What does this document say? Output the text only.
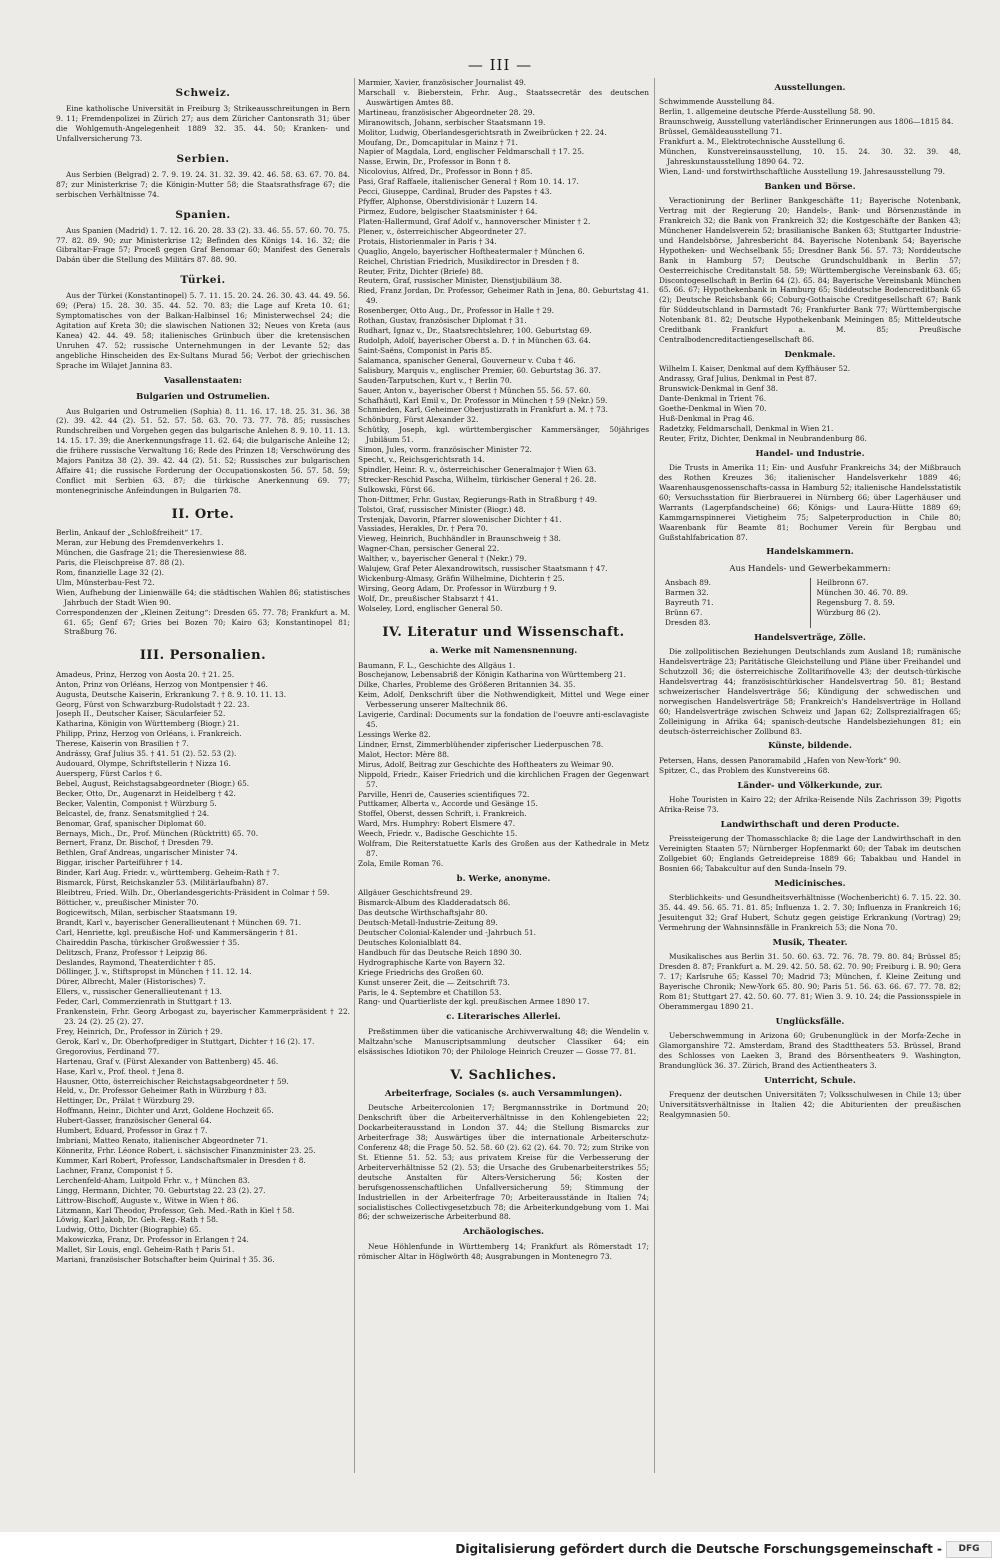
— III —
Schweiz.

Eine katholische Universität in Freiburg 3; Strikeausschreitungen in Bern 9. 11; Fremdenpolizei in Zürich 27; aus dem Züricher Cantonsrath 31; über die Wohlgemuth-Angelegenheit 1889 32. 35. 44. 50; Kranken- und Unfallversicherung 73.

Serbien.

Aus Serbien (Belgrad) 2. 7. 9. 19. 24. 31. 32. 39. 42. 46. 58. 63. 67. 70. 84. 87; zur Ministerkrise 7; die Königin-Mutter 58; die Staatsrathsfrage 67; die serbischen Verhältnisse 74.

Spanien.

Aus Spanien (Madrid) 1. 7. 12. 16. 20. 28. 33 (2). 33. 46. 55. 57. 60. 70. 75. 77. 82. 89. 90; zur Ministerkrise 12; Befinden des Königs 14. 16. 32; die Gibraltar-Frage 57; Proceß gegen Graf Benomar 60; Manifest des Generals Dabán über die Stellung des Militärs 87. 88. 90.

Türkei.

Aus der Türkei (Konstantinopel) 5. 7. 11. 15. 20. 24. 26. 30. 43. 44. 49. 56. 69; (Pera) 15. 28. 30. 35. 44. 52. 70. 83; die Lage auf Kreta 10. 61; Symptomatisches von der Balkan-Halbinsel 16; Ministerwechsel 24; die Agitation auf Kreta 30; die slawischen Nationen 32; Neues von Kreta (aus Kanea) 42. 44. 49. 58; italienisches Grünbuch über die kretensischen Unruhen 47. 52; russische Unternehmungen in der Levante 52; das angebliche Hinscheiden des Ex-Sultans Murad 56; Verbot der griechischen Sprache im Wilajet Jannina 83.

Vasallenstaaten:
Bulgarien und Ostrumelien.

Aus Bulgarien und Ostrumelien (Sophia) 8. 11. 16. 17. 18. 25. 31. 36. 38 (2). 39. 42. 44 (2). 51. 52. 57. 58. 63. 70. 73. 77. 78. 85; russisches Rundschreiben und Vorgehen gegen das bulgarische Anlehen 8. 9. 10. 11. 13. 14. 15. 17. 39; die Anerkennungsfrage 11. 62. 64; die bulgarische Anleihe 12; die frühere russische Verwaltung 16; Rede des Prinzen 18; Verschwörung des Majors Panitza 38 (2). 39. 42. 44 (2). 51. 52; Russisches zur bulgarischen Affaire 41; die russische Forderung der Occupationskosten 56. 57. 58. 59; Conflict mit Serbien 63. 87; die türkische Anerkennung 69. 77; montenegrinische Anfeindungen in Bulgarien 78.

II. Orte.

Berlin, Ankauf der „Schloßfreiheit“ 17.

Meran, zur Hebung des Fremdenverkehrs 1.

München, die Gasfrage 21; die Theresienwiese 88.

Paris, die Fleischpreise 87. 88 (2).

Rom, finanzielle Lage 32 (2).

Ulm, Münsterbau-Fest 72.

Wien, Aufhebung der Linienwälle 64; die städtischen Wahlen 86; statistisches Jahrbuch der Stadt Wien 90.

Correspondenzen der „Kleinen Zeitung“: Dresden 65. 77. 78; Frankfurt a. M. 61. 65; Genf 67; Gries bei Bozen 70; Kairo 63; Konstantinopel 81; Straßburg 76.

III. Personalien.

Amadeus, Prinz, Herzog von Aosta 20. † 21. 25.

Anton, Prinz von Orléans, Herzog von Montpensier † 46.

Augusta, Deutsche Kaiserin, Erkrankung 7. † 8. 9. 10. 11. 13.

Georg, Fürst von Schwarzburg-Rudolstadt † 22. 23.

Joseph II., Deutscher Kaiser, Säcularfeier 52.

Katharina, Königin von Württemberg (Biogr.) 21.

Philipp, Prinz, Herzog von Orléans, i. Frankreich.

Therese, Kaiserin von Brasilien † 7.

Andrássy, Graf Julius 35. † 41. 51 (2). 52. 53 (2).

Audouard, Olympe, Schriftstellerin † Nizza 16.

Auersperg, Fürst Carlos † 6.

Bebel, August, Reichstagsabgeordneter (Biogr.) 65.

Becker, Otto, Dr., Augenarzt in Heidelberg † 42.

Becker, Valentin, Componist † Würzburg 5.

Belcastel, de, franz. Senatsmitglied † 24.

Benomar, Graf, spanischer Diplomat 60.

Bernays, Mich., Dr., Prof. München (Rücktritt) 65. 70.

Bernert, Franz, Dr. Bischof, † Dresden 79.

Bethlen, Graf Andreas, ungarischer Minister 74.

Biggar, irischer Parteiführer † 14.

Binder, Karl Aug. Friedr. v., württemberg. Geheim-Rath † 7.

Bismarck, Fürst, Reichskanzler 53. (Militärlaufbahn) 87.

Bleibtreu, Fried. Wilh. Dr., Oberlandesgerichts-Präsident in Colmar † 59.

Bötticher, v., preußischer Minister 70.

Bogicewitsch, Milan, serbischer Staatsmann 19.

Brandt, Karl v., bayerischer Generallieutenant † München 69. 71.

Carl, Henriette, kgl. preußische Hof- und Kammersängerin † 81.

Chaireddin Pascha, türkischer Großwessier † 35.

Delitzsch, Franz, Professor † Leipzig 86.

Deslandes, Raymond, Theaterdichter † 85.

Döllinger, J. v., Stiftspropst in München † 11. 12. 14.

Dürer, Albrecht, Maler (Historisches) 7.

Ellers, v., russischer Generallieutenant † 13.

Feder, Carl, Commerzienrath in Stuttgart † 13.

Frankenstein, Frhr. Georg Arbogast zu, bayerischer Kammerpräsident † 22. 23. 24 (2). 25 (2). 27.

Frey, Heinrich, Dr., Professor in Zürich † 29.

Gerok, Karl v., Dr. Oberhofprediger in Stuttgart, Dichter † 16 (2). 17.

Gregorovius, Ferdinand 77.

Hartenau, Graf v. (Fürst Alexander von Battenberg) 45. 46.

Hase, Karl v., Prof. theol. † Jena 8.

Hausner, Otto, österreichischer Reichstagsabgeordneter † 59.

Held, v., Dr. Professor Geheimer Rath in Würzburg † 83.

Hettinger, Dr., Prälat † Würzburg 29.

Hoffmann, Heinr., Dichter und Arzt, Goldene Hochzeit 65.

Hubert-Gasser, französischer General 64.

Humbert, Eduard, Professor in Graz † 7.

Imbriani, Matteo Renato, italienischer Abgeordneter 71.

Könneritz, Frhr. Léonce Robert, i. sächsischer Finanzminister 23. 25.

Kummer, Karl Robert, Professor, Landschaftsmaler in Dresden † 8.

Lachner, Franz, Componist † 5.

Lerchenfeld-Aham, Luitpold Frhr. v., † München 83.

Lingg, Hermann, Dichter, 70. Geburtstag 22. 23 (2). 27.

Littrow-Bischoff, Auguste v., Witwe in Wien † 86.

Litzmann, Karl Theodor, Professor, Geh. Med.-Rath in Kiel † 58.

Löwig, Karl Jakob, Dr. Geh.-Reg.-Rath † 58.

Ludwig, Otto, Dichter (Biographie) 65.

Makowiczka, Franz, Dr. Professor in Erlangen † 24.

Mallet, Sir Louis, engl. Geheim-Rath † Paris 51.

Mariani, französischer Botschafter beim Quirinal † 35. 36.

Marmier, Xavier, französischer Journalist 49.

Marschall v. Bieberstein, Frhr. Aug., Staatssecretär des deutschen Auswärtigen Amtes 88.

Martineau, französischer Abgeordneter 28. 29.

Miranowitsch, Johann, serbischer Staatsmann 19.

Molitor, Ludwig, Oberlandesgerichtsrath in Zweibrücken † 22. 24.

Moufang, Dr., Domcapitular in Mainz † 71.

Napier of Magdala, Lord, englischer Feldmarschall † 17. 25.

Nasse, Erwin, Dr., Professor in Bonn † 8.

Nicolovius, Alfred, Dr., Professor in Bonn † 85.

Pasi, Graf Raffaele, italienischer General † Rom 10. 14. 17.

Pecci, Giuseppe, Cardinal, Bruder des Papstes † 43.

Pfyffer, Alphonse, Oberstdivisionär † Luzern 14.

Pirmez, Eudore, belgischer Staatsminister † 64.

Platen-Hallermund, Graf Adolf v., hannoverscher Minister † 2.

Plener, v., österreichischer Abgeordneter 27.

Protais, Historienmaler in Paris † 34.

Quaglio, Angelo, bayerischer Hoftheatermaler † München 6.

Reichel, Christian Friedrich, Musikdirector in Dresden † 8.

Reuter, Fritz, Dichter (Briefe) 88.

Reutern, Graf, russischer Minister, Dienstjubiläum 38.

Ried, Franz Jordan, Dr. Professor, Geheimer Rath in Jena, 80. Geburtstag 41. 49.

Rosenberger, Otto Aug., Dr., Professor in Halle † 29.

Rothan, Gustav, französischer Diplomat † 31.

Rudhart, Ignaz v., Dr., Staatsrechtslehrer, 100. Geburtstag 69.

Rudolph, Adolf, bayerischer Oberst a. D. † in München 63. 64.

Saint-Saëns, Componist in Paris 85.

Salamanca, spanischer General, Gouverneur v. Cuba † 46.

Salisbury, Marquis v., englischer Premier, 60. Geburtstag 36. 37.

Sauden-Tarputschen, Kurt v., † Berlin 70.

Sauer, Anton v., bayerischer Oberst † München 55. 56. 57. 60.

Schafhäutl, Karl Emil v., Dr. Professor in München † 59 (Nekr.) 59.

Schmieden, Karl, Geheimer Oberjustizrath in Frankfurt a. M. † 73.

Schönburg, Fürst Alexander 32.

Schütky, Joseph, kgl. württembergischer Kammersänger, 50jähriges Jubiläum 51.

Simon, Jules, vorm. französischer Minister 72.

Specht, v., Reichsgerichtsrath 14.

Spindler, Heinr. R. v., österreichischer Generalmajor † Wien 63.

Strecker-Reschid Pascha, Wilhelm, türkischer General † 26. 28.

Sulkowski, Fürst 66.

Thon-Dittmer, Frhr. Gustav, Regierungs-Rath in Straßburg † 49.

Tolstoi, Graf, russischer Minister (Biogr.) 48.

Trstenjak, Davorin, Pfarrer slowenischer Dichter † 41.

Vassiades, Herakles, Dr. † Pera 70.

Vieweg, Heinrich, Buchhändler in Braunschweig † 38.

Wagner-Chan, persischer General 22.

Walther, v., bayerischer General † (Nekr.) 79.

Walujew, Graf Peter Alexandrowitsch, russischer Staatsmann † 47.

Wickenburg-Almasy, Gräfin Wilhelmine, Dichterin † 25.

Wirsing, Georg Adam, Dr. Professor in Würzburg † 9.

Wolf, Dr., preußischer Stabsarzt † 41.

Wolseley, Lord, englischer General 50.

IV. Literatur und Wissenschaft.
a. Werke mit Namensnennung.

Baumann, F. L., Geschichte des Allgäus 1.

Boschejanow, Lebensabriß der Königin Katharina von Württemberg 21.

Dilke, Charles, Probleme des Größeren Britannien 34. 35.

Keim, Adolf, Denkschrift über die Nothwendigkeit, Mittel und Wege einer Verbesserung unserer Maltechnik 86.

Lavigerie, Cardinal: Documents sur la fondation de l'oeuvre anti-esclavagiste 45.

Lessings Werke 82.

Lindner, Ernst, Zimmerblühender zipferischer Liederpuschen 78.

Malot, Hector: Mère 88.

Mirus, Adolf, Beitrag zur Geschichte des Hoftheaters zu Weimar 90.

Nippold, Friedr., Kaiser Friedrich und die kirchlichen Fragen der Gegenwart 57.

Parville, Henri de, Causeries scientifiques 72.

Puttkamer, Alberta v., Accorde und Gesänge 15.

Stoffel, Oberst, dessen Schrift, i. Frankreich.

Ward, Mrs. Humphry: Robert Elsmere 47.

Weech, Friedr. v., Badische Geschichte 15.

Wolfram, Die Reiterstatuette Karls des Großen aus der Kathedrale in Metz 87.

Zola, Emile Roman 76.

b. Werke, anonyme.

Allgäuer Geschichtsfreund 29.

Bismarck-Album des Kladderadatsch 86.

Das deutsche Wirthschaftsjahr 80.

Deutsch-Metall-Industrie-Zeitung 89.

Deutscher Colonial-Kalender und -Jahrbuch 51.

Deutsches Kolonialblatt 84.

Handbuch für das Deutsche Reich 1890 30.

Hydrographische Karte von Bayern 32.

Kriege Friedrichs des Großen 60.

Kunst unserer Zeit, die — Zeitschrift 73.

Paris, le 4. Septembre et Chatillon 53.

Rang- und Quartierliste der kgl. preußischen Armee 1890 17.

c. Literarisches Allerlei.

Preßstimmen über die vaticanische Archivverwaltung 48; die Wendelin v. Maltzahn'sche Manuscriptsammlung deutscher Classiker 64; ein elsässisches Idiotikon 70; der Philologe Heinrich Creuzer — Gosse 77. 81.

V. Sachliches.
Arbeiterfrage, Sociales (s. auch Versammlungen).

Deutsche Arbeitercolonien 17; Bergmannsstrike in Dortmund 20; Denkschrift über die Arbeiterverhältnisse in den Kohlengebieten 22; Dockarbeiterausstand in London 37. 44; die Stellung Bismarcks zur Arbeiterfrage 38; Auswärtiges über die internationale Arbeiterschutz-Conferenz 48; die Frage 50. 52. 58. 60 (2). 62 (2). 64. 70. 72; zum Strike von St. Etienne 51. 52. 53; aus privatem Kreise für die Verbesserung der Arbeiterverhältnisse 52 (2). 53; die Ursache des Grubenarbeiterstrikes 55; deutsche Anstalten für Alters-Versicherung 56; Kosten der berufsgenossenschaftlichen Unfallversicherung 59; Stimmung der Industriellen in der Arbeiterfrage 70; Arbeiterausstände in Italien 74; socialistisches Collectivgesetzbuch 78; die Arbeiterkundgebung vom 1. Mai 86; der schweizerische Arbeiterbund 88.

Archäologisches.

Neue Höhlenfunde in Württemberg 14; Frankfurt als Römerstadt 17; römischer Altar in Höglwörth 48; Ausgrabungen in Montenegro 73.

Ausstellungen.

Schwimmende Ausstellung 84.

Berlin, 1. allgemeine deutsche Pferde-Ausstellung 58. 90.

Braunschweig, Ausstellung vaterländischer Erinnerungen aus 1806—1815 84.

Brüssel, Gemäldeausstellung 71.

Frankfurt a. M., Elektrotechnische Ausstellung 6.

München, Kunstvereinsausstellung, 10. 15. 24. 30. 32. 39. 48, Jahreskunstausstellung 1890 64. 72.

Wien, Land- und forstwirthschaftliche Ausstellung 19. Jahresausstellung 79.

Banken und Börse.

Veractionirung der Berliner Bankgeschäfte 11; Bayerische Notenbank, Vertrag mit der Regierung 20; Handels-, Bank- und Börsenzustände in Frankreich 32; die Bank von Frankreich 32; die Kostgeschäfte der Banken 43; Münchener Handelsverein 52; brasilianische Banken 63; Stuttgarter Industrie- und Handelsbörse, Jahresbericht 84. Bayerische Notenbank 54; Bayerische Hypotheken- und Wechselbank 55; Dresdner Bank 56. 57. 73; Norddeutsche Bank in Hamburg 57; Deutsche Grundschuldbank in Berlin 57; Oesterreichische Creditanstalt 58. 59; Württembergische Vereinsbank 63. 65; Discontogesellschaft in Berlin 64 (2). 65. 84; Bayerische Vereinsbank München 65. 66. 67; Hypothekenbank in Hamburg 65; Süddeutsche Bodencreditbank 65 (2); Deutsche Reichsbank 66; Coburg-Gothaische Creditgesellschaft 67; Bank für Süddeutschland in Darmstadt 76; Frankfurter Bank 77; Württembergische Notenbank 81. 82; Deutsche Hypothekenbank Meiningen 85; Mitteldeutsche Creditbank Frankfurt a. M. 85; Preußische Centralbodencreditactiengesellschaft 86.

Denkmale.

Wilhelm I. Kaiser, Denkmal auf dem Kyffhäuser 52.

Andrassy, Graf Julius, Denkmal in Pest 87.

Brunswick-Denkmal in Genf 38.

Dante-Denkmal in Trient 76.

Goethe-Denkmal in Wien 70.

Huß-Denkmal in Prag 46.

Radetzky, Feldmarschall, Denkmal in Wien 21.

Reuter, Fritz, Dichter, Denkmal in Neubrandenburg 86.

Handel- und Industrie.

Die Trusts in Amerika 11; Ein- und Ausfuhr Frankreichs 34; der Mißbrauch des Rothen Kreuzes 36; italienischer Handelsverkehr 1889 46; Waarenhausgenossenschafts-cassa in Hamburg 52; italienische Handelsstatistik 60; Versuchsstation für Bierbrauerei in Nürnberg 66; über Lagerhäuser und Warrants (Lagerpfandscheine) 66; Königs- und Laura-Hütte 1889 69; Kammgarnspinnerei Vietigheim 75; Salpeterproduction in Chile 80; Waarenbank für Beamte 81; Bochumer Verein für Bergbau und Gußstahlfabrication 87.

Handelskammern.
Aus Handels- und Gewerbekammern:

Ansbach 89.

Barmen 32.

Bayreuth 71.

Brünn 67.

Dresden 83.

Heilbronn 67.

München 30. 46. 70. 89.

Regensburg 7. 8. 59.

Würzburg 86 (2).

Handelsverträge, Zölle.

Die zollpolitischen Beziehungen Deutschlands zum Ausland 18; rumänische Handelsverträge 23; Paritätische Gleichstellung und Pläne über Freihandel und Schutzzoll 36; die österreichische Zolltarifnovelle 43; der deutsch-türkische Handelsvertrag 44; französischtürkischer Handelsvertrag 50. 81; Bestand schweizerischer Handelsverträge 56; Kündigung der schwedischen und norwegischen Handelsverträge 58; Frankreich's Handelsverträge in Holland 60; Handelsverträge zwischen Schweiz und Japan 62; Zollsprezialfragen 65; Zolleinigung in Afrika 64; spanisch-deutsche Handelsbeziehungen 81; ein deutsch-österreichischer Zollbund 83.

Künste, bildende.

Petersen, Hans, dessen Panoramabild „Hafen von New-York“ 90.

Spitzer, C., das Problem des Kunstvereins 68.

Länder- und Völkerkunde, zur.

Hohe Touristen in Kairo 22; der Afrika-Reisende Nils Zachrisson 39; Pigotts Afrika-Reise 73.

Landwirthschaft und deren Producte.

Preissteigerung der Thomasschlacke 8; die Lage der Landwirthschaft in den Vereinigten Staaten 57; Nürnberger Hopfenmarkt 60; der Tabak im deutschen Zollgebiet 60; Englands Getreidepreise 1889 66; Tabakbau und Handel in Bosnien 66; Tabakcultur auf den Sunda-Inseln 79.

Medicinisches.

Sterblichkeits- und Gesundheitsverhältnisse (Wochenbericht) 6. 7. 15. 22. 30. 35. 44. 49. 56. 65. 71. 81. 85; Influenza 1. 2. 7. 30; Influenza in Frankreich 16; Jesuitengut 32; Graf Hubert, Schutz gegen geistige Erkrankung (Vortrag) 29; Vermehrung der Wahnsinnsfälle in Frankreich 53; die Nona 70.

Musik, Theater.

Musikalisches aus Berlin 31. 50. 60. 63. 72. 76. 78. 79. 80. 84; Brüssel 85; Dresden 8. 87; Frankfurt a. M. 29. 42. 50. 58. 62. 70. 90; Freiburg i. B. 90; Gera 7. 17; Karlsruhe 65; Kassel 70; Madrid 73; München, f. Kleine Zeitung und Bayerische Chronik; New-York 65. 80. 90; Paris 51. 56. 63. 66. 67. 77. 78. 82; Rom 81; Stuttgart 27. 42. 50. 60. 77. 81; Wien 3. 9. 10. 24; die Passionsspiele in Oberammergau 1890 21.

Unglücksfälle.

Ueberschwemmung in Arizona 60; Grubenunglück in der Morfa-Zeche in Glamorganshire 72. Amsterdam, Brand des Stadttheaters 53. Brüssel, Brand des Schlosses von Laeken 3, Brand des Börsentheaters 9. Washington, Brandunglück 36. 37. Zürich, Brand des Actientheaters 3.

Unterricht, Schule.

Frequenz der deutschen Universitäten 7; Volksschulwesen in Chile 13; über Universitätsverhältnisse in Italien 42; die Abiturienten der preußischen Realgymnasien 50.

Digitalisierung gefördert durch die Deutsche Forschungsgemeinschaft -	DFG
